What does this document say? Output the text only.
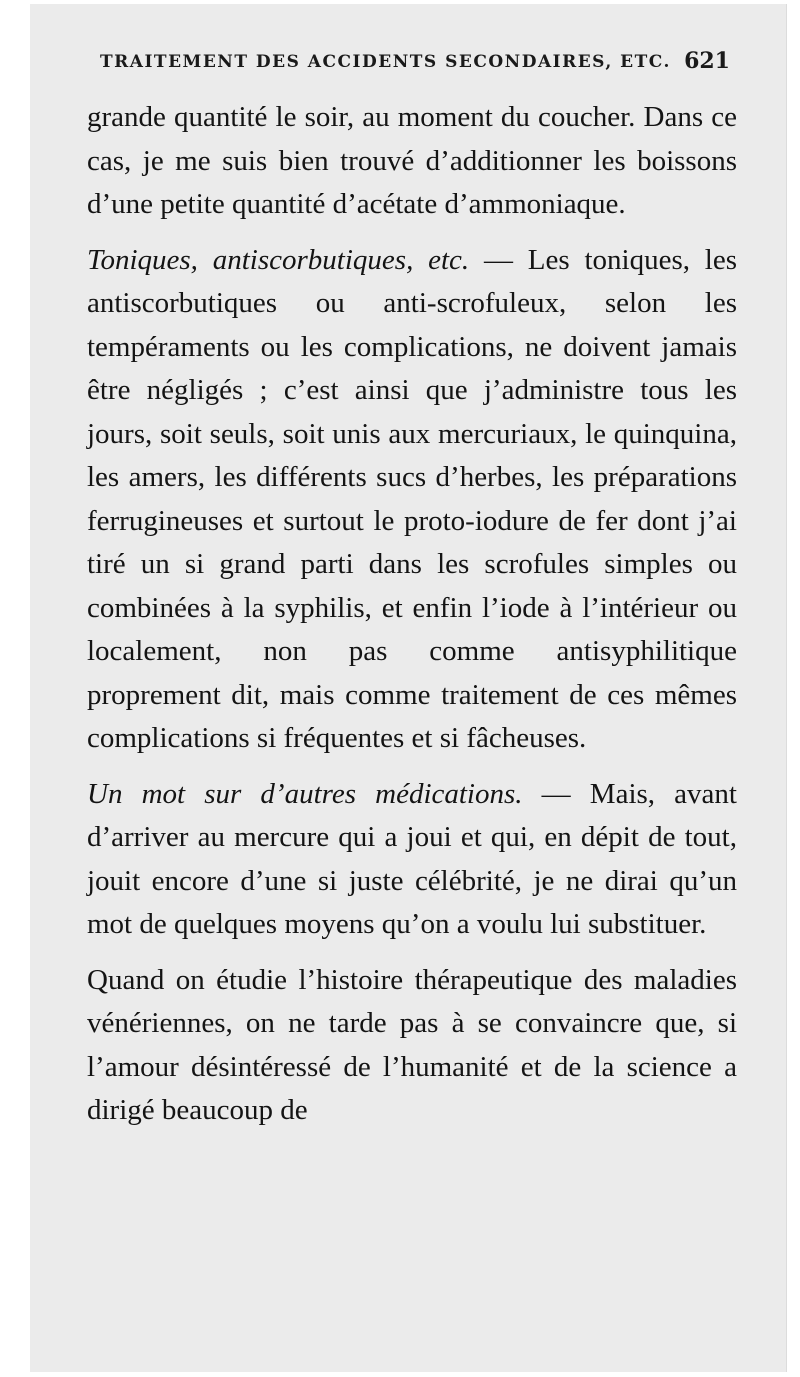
TRAITEMENT DES ACCIDENTS SECONDAIRES, ETC. 621

grande quantité le soir, au moment du coucher. Dans ce cas, je me suis bien trouvé d’additionner les boissons d’une petite quantité d’acétate d’ammoniaque.

Toniques, antiscorbutiques, etc. — Les toniques, les antiscorbutiques ou anti-scrofuleux, selon les tempéraments ou les complications, ne doivent jamais être négligés ; c’est ainsi que j’administre tous les jours, soit seuls, soit unis aux mercuriaux, le quinquina, les amers, les différents sucs d’herbes, les préparations ferrugineuses et surtout le proto-iodure de fer dont j’ai tiré un si grand parti dans les scrofules simples ou combinées à la syphilis, et enfin l’iode à l’intérieur ou localement, non pas comme antisyphilitique proprement dit, mais comme traitement de ces mêmes complications si fréquentes et si fâcheuses.

Un mot sur d’autres médications. — Mais, avant d’arriver au mercure qui a joui et qui, en dépit de tout, jouit encore d’une si juste célébrité, je ne dirai qu’un mot de quelques moyens qu’on a voulu lui substituer.

Quand on étudie l’histoire thérapeutique des maladies vénériennes, on ne tarde pas à se convaincre que, si l’amour désintéressé de l’humanité et de la science a dirigé beaucoup de
